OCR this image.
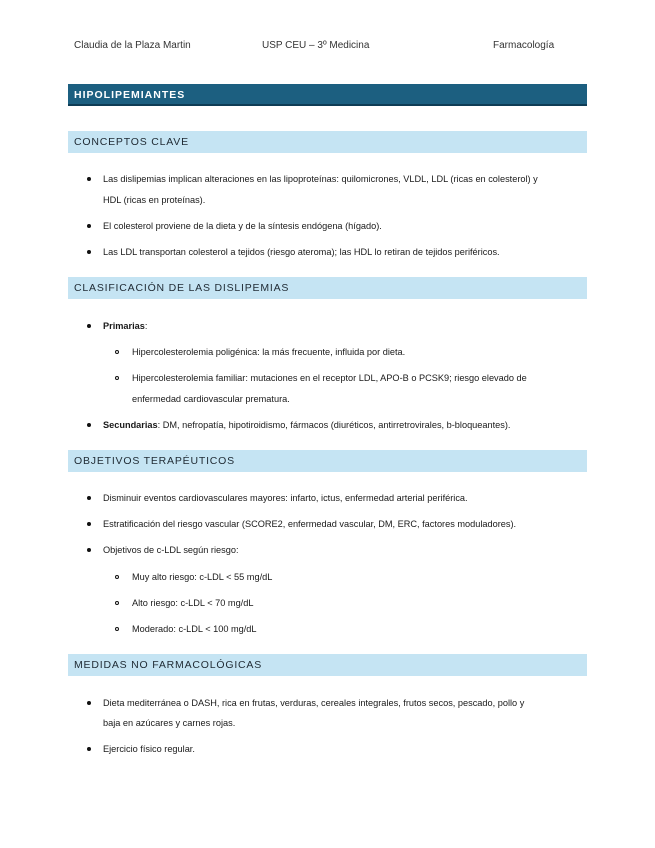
Claudia de la Plaza Martin	USP CEU – 3º Medicina	Farmacología
HIPOLIPEMIANTES
CONCEPTOS CLAVE
Las dislipemias implican alteraciones en las lipoproteínas: quilomicrones, VLDL, LDL (ricas en colesterol) y
HDL (ricas en proteínas).
El colesterol proviene de la dieta y de la síntesis endógena (hígado).
Las LDL transportan colesterol a tejidos (riesgo ateroma); las HDL lo retiran de tejidos periféricos.
CLASIFICACIÓN DE LAS DISLIPEMIAS
Primarias:
Hipercolesterolemia poligénica: la más frecuente, influida por dieta.
Hipercolesterolemia familiar: mutaciones en el receptor LDL, APO-B o PCSK9; riesgo elevado de
enfermedad cardiovascular prematura.
Secundarias: DM, nefropatía, hipotiroidismo, fármacos (diuréticos, antirretrovirales, b-bloqueantes).
OBJETIVOS TERAPÉUTICOS
Disminuir eventos cardiovasculares mayores: infarto, ictus, enfermedad arterial periférica.
Estratificación del riesgo vascular (SCORE2, enfermedad vascular, DM, ERC, factores moduladores).
Objetivos de c-LDL según riesgo:
Muy alto riesgo: c-LDL < 55 mg/dL
Alto riesgo: c-LDL < 70 mg/dL
Moderado: c-LDL < 100 mg/dL
MEDIDAS NO FARMACOLÓGICAS
Dieta mediterránea o DASH, rica en frutas, verduras, cereales integrales, frutos secos, pescado, pollo y
baja en azúcares y carnes rojas.
Ejercicio físico regular.
